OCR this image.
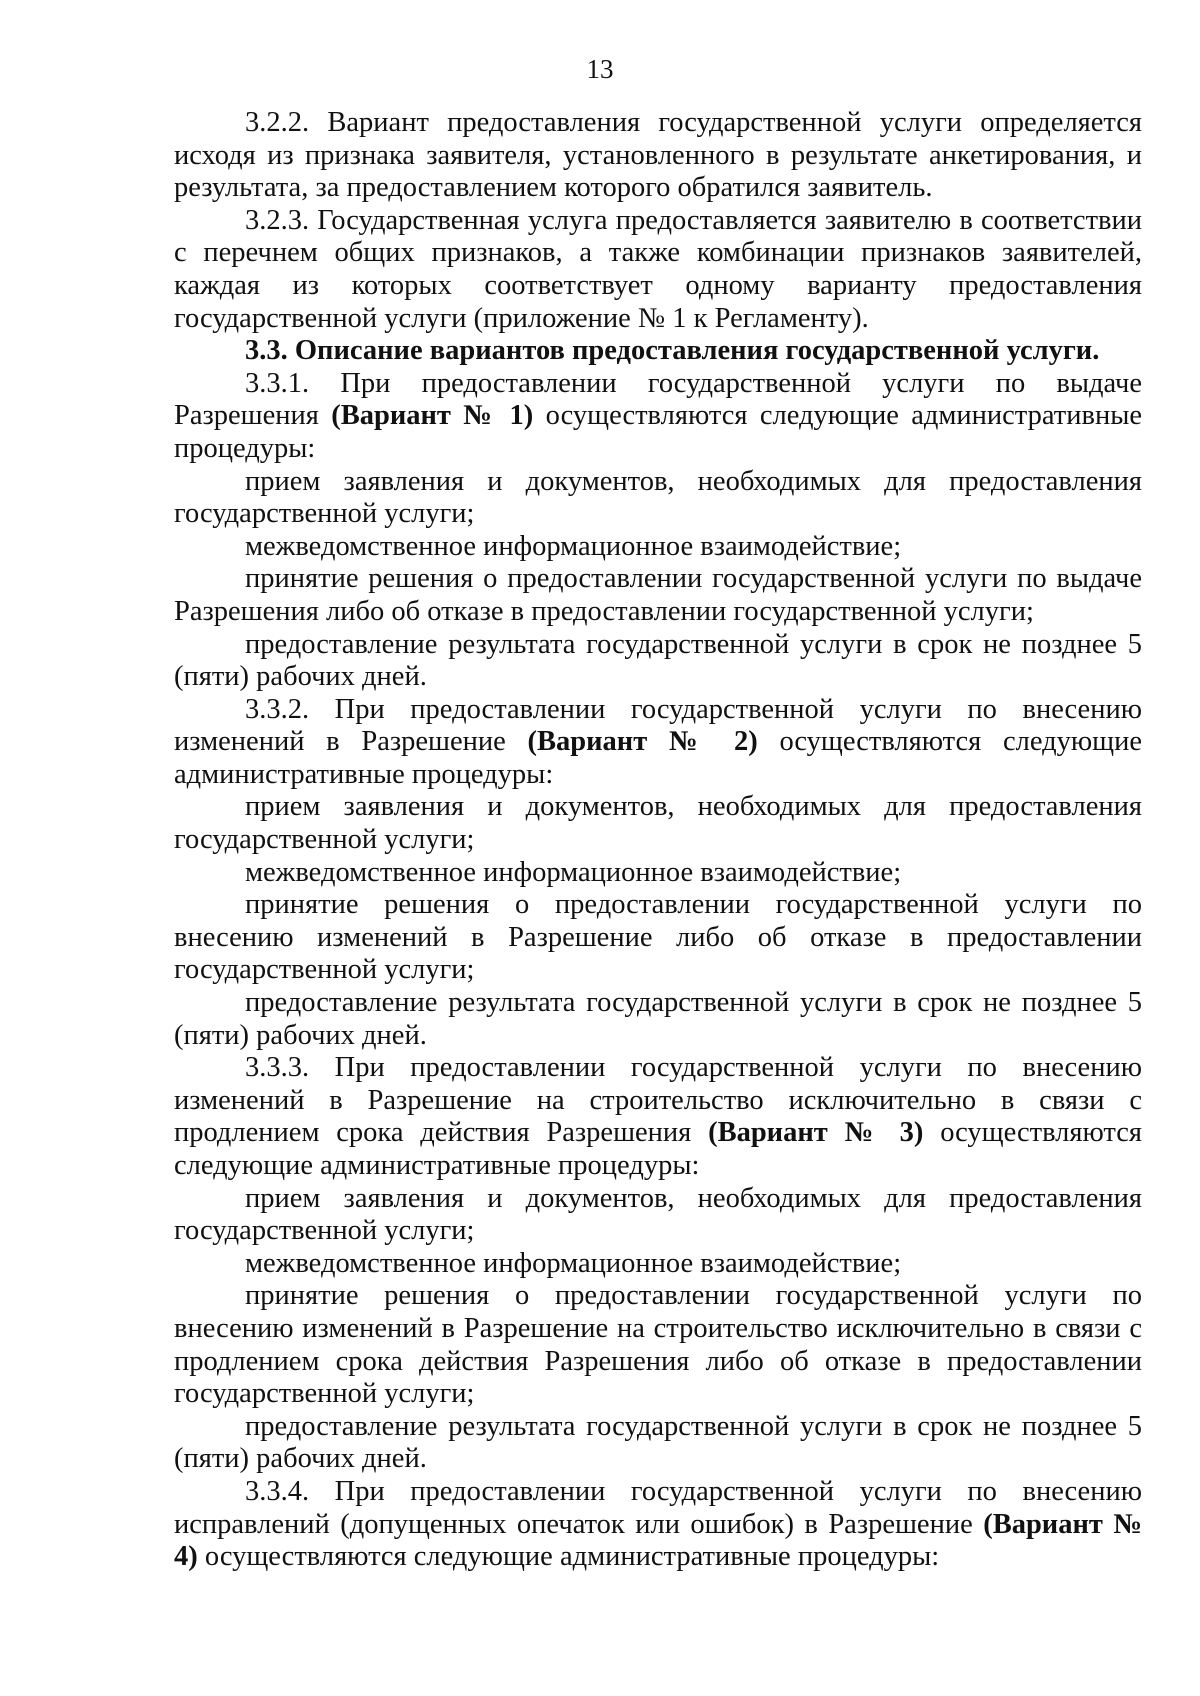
13

3.2.2. Вариант предоставления государственной услуги определяется исходя из признака заявителя, установленного в результате анкетирования, и результата, за предоставлением которого обратился заявитель.

3.2.3. Государственная услуга предоставляется заявителю в соответствии с перечнем общих признаков, а также комбинации признаков заявителей, каждая из которых соответствует одному варианту предоставления государственной услуги (приложение № 1 к Регламенту).

3.3. Описание вариантов предоставления государственной услуги.

3.3.1. При предоставлении государственной услуги по выдаче Разрешения (Вариант № 1) осуществляются следующие административные процедуры:

прием заявления и документов, необходимых для предоставления государственной услуги;

межведомственное информационное взаимодействие;

принятие решения о предоставлении государственной услуги по выдаче Разрешения либо об отказе в предоставлении государственной услуги;

предоставление результата государственной услуги в срок не позднее 5 (пяти) рабочих дней.

3.3.2. При предоставлении государственной услуги по внесению изменений в Разрешение (Вариант № 2) осуществляются следующие административные процедуры:

прием заявления и документов, необходимых для предоставления государственной услуги;

межведомственное информационное взаимодействие;

принятие решения о предоставлении государственной услуги по внесению изменений в Разрешение либо об отказе в предоставлении государственной услуги;

предоставление результата государственной услуги в срок не позднее 5 (пяти) рабочих дней.

3.3.3. При предоставлении государственной услуги по внесению изменений в Разрешение на строительство исключительно в связи с продлением срока действия Разрешения (Вариант № 3) осуществляются следующие административные процедуры:

прием заявления и документов, необходимых для предоставления государственной услуги;

межведомственное информационное взаимодействие;

принятие решения о предоставлении государственной услуги по внесению изменений в Разрешение на строительство исключительно в связи с продлением срока действия Разрешения либо об отказе в предоставлении государственной услуги;

предоставление результата государственной услуги в срок не позднее 5 (пяти) рабочих дней.

3.3.4. При предоставлении государственной услуги по внесению исправлений (допущенных опечаток или ошибок) в Разрешение (Вариант № 4) осуществляются следующие административные процедуры:
